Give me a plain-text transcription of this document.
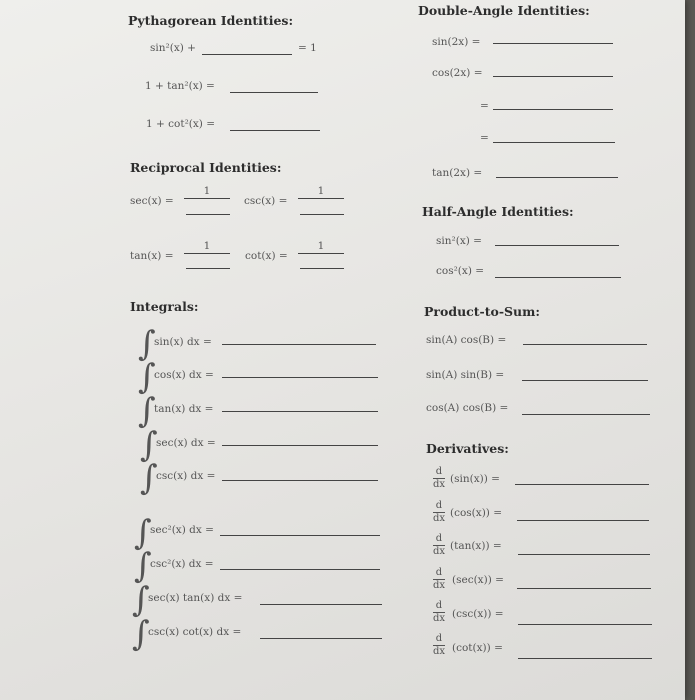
Pythagorean Identities:
sin²(x) +	= 1
1 + tan²(x) =
1 + cot²(x) =
Double-Angle Identities:
sin(2x) =
cos(2x) =
=
=
tan(2x) =
Reciprocal Identities:
sec(x) =
1
csc(x) =
1
tan(x) =
1
cot(x) =
1
Half-Angle Identities:
sin²(x) =
cos²(x) =
Integrals:
∫
sin(x) dx =
∫
cos(x) dx =
∫
tan(x) dx =
∫
sec(x) dx =
∫
csc(x) dx =
∫
sec²(x) dx =
∫
csc²(x) dx =
∫
sec(x) tan(x) dx =
∫
csc(x) cot(x) dx =
Product-to-Sum:
sin(A) cos(B) =
sin(A) sin(B) =
cos(A) cos(B) =
Derivatives:
d
dx (sin(x)) =
d
dx (cos(x)) =
d
dx (tan(x)) =
d
dx (sec(x)) =
d
dx (csc(x)) =
d
dx (cot(x)) =
